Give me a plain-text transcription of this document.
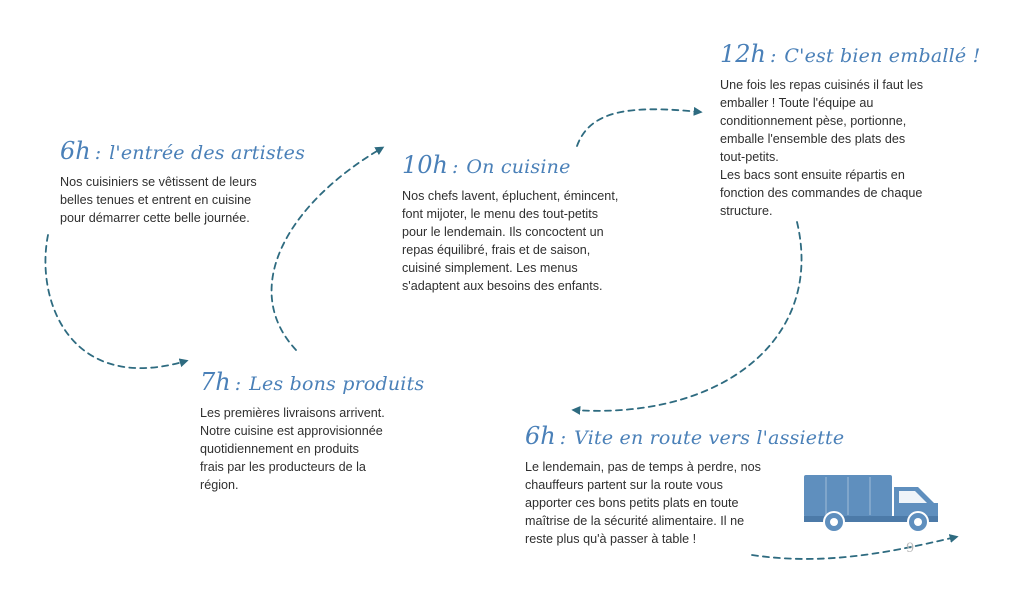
6h : l'entrée des artistes
Nos cuisiniers se vêtissent de leurs
belles tenues et entrent en cuisine
pour démarrer cette belle journée.
7h : Les bons produits
Les premières livraisons arrivent.
Notre cuisine est approvisionnée
quotidiennement en produits
frais par les producteurs de la
région.
10h : On cuisine
Nos chefs lavent, épluchent, émincent,
font mijoter, le menu des tout-petits
pour le lendemain. Ils concoctent un
repas équilibré, frais et de saison,
cuisiné simplement. Les menus
s'adaptent aux besoins des enfants.
12h : C'est bien emballé !
Une fois les repas cuisinés il faut les
emballer ! Toute l'équipe au
conditionnement pèse, portionne,
emballe l'ensemble des plats des
tout-petits.
Les bacs sont ensuite répartis en
fonction des commandes de chaque
structure.
6h : Vite en route vers l'assiette
Le lendemain, pas de temps à perdre, nos
chauffeurs partent sur la route vous
apporter ces bons petits plats en toute
maîtrise de la sécurité alimentaire. Il ne
reste plus qu'à passer à table !
9
